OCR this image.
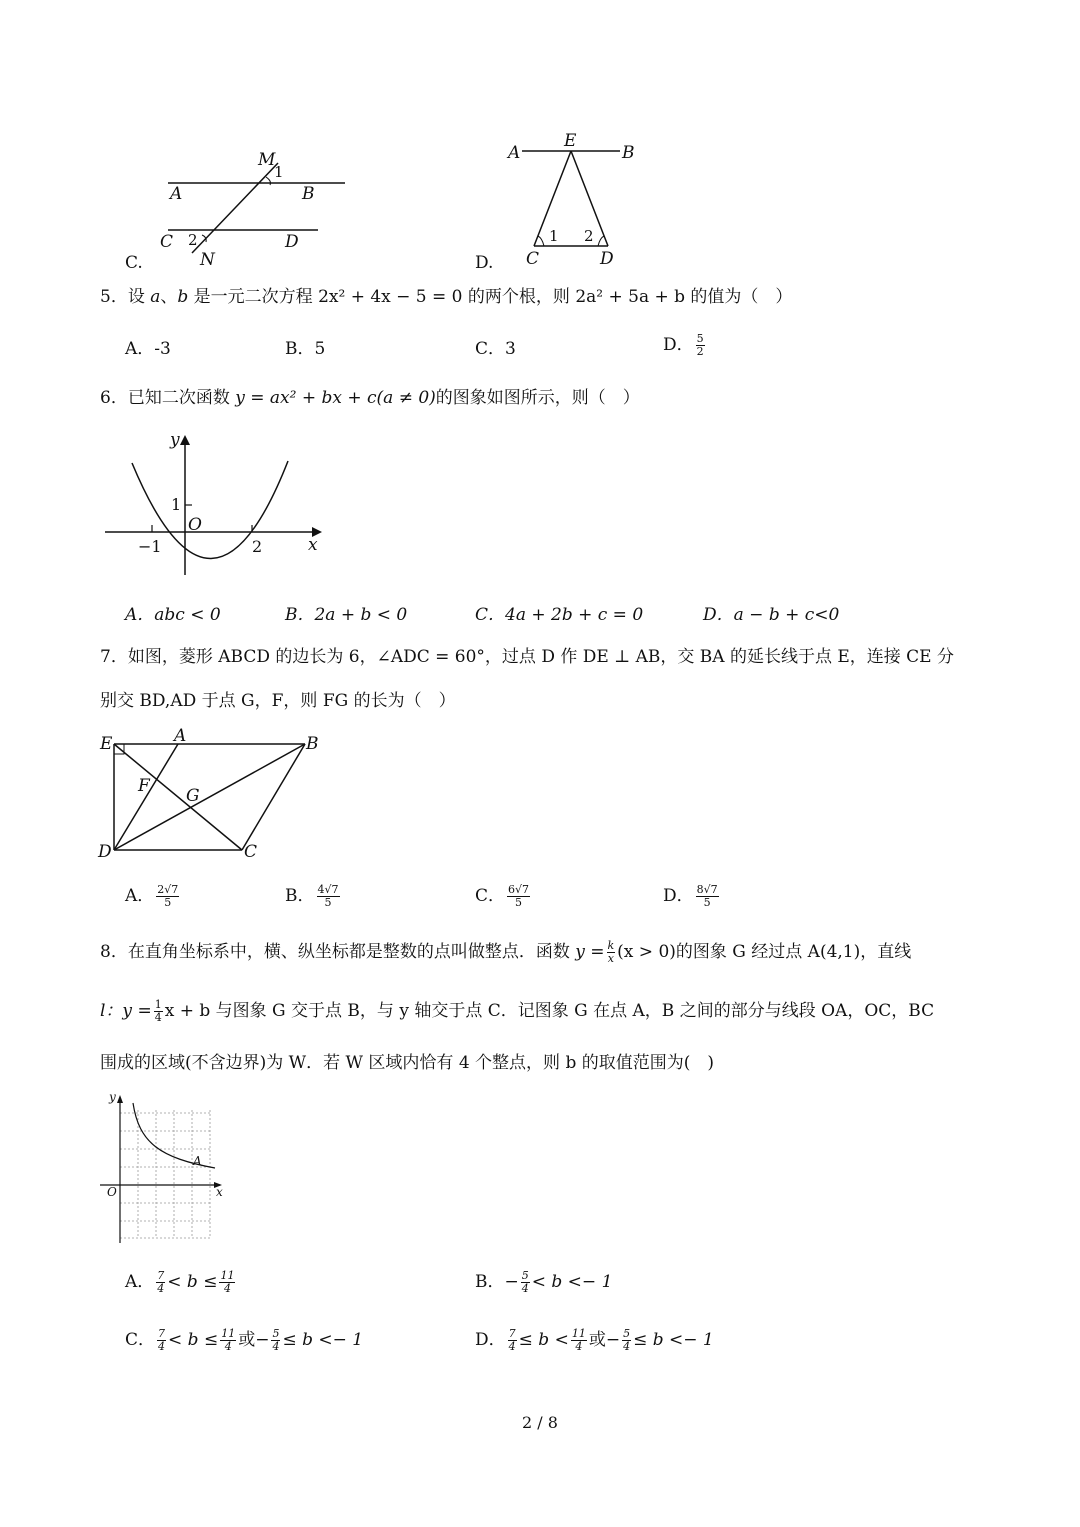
M
1
A	B
C 2	D
N
C.
A
E
B
1 2
C	D
D.
5．设 a、b 是一元二次方程 2x² + 4x − 5 = 0 的两个根，则 2a² + 5a + b 的值为（　）
A．-3	B．5	C．3	D． $\frac{5}{2}$
6．已知二次函数 y = ax² + bx + c(a ≠ 0)的图象如图所示，则（　）
y
x
O
1
−1	2
A．abc < 0	B．2a + b < 0	C．4a + 2b + c = 0	D．a − b + c<0
7．如图，菱形 ABCD 的边长为 6，∠ADC = 60°，过点 D 作 DE ⊥ AB，交 BA 的延长线于点 E，连接 CE 分
别交 BD,AD 于点 G，F，则 FG 的长为（　）
E	A	B
F G
D	C
A． $\frac{2√7}{5}$	B． $\frac{4√7}{5}$	C． $\frac{6√7}{5}$	D． $\frac{8√7}{5}$
8．在直角坐标系中，横、纵坐标都是整数的点叫做整点．函数 $y = \frac{k}{x} (x > 0)$的图象 G 经过点 A(4,1)，直线
l：$y = \frac{1}{4}$ x + b 与图象 G 交于点 B，与 y 轴交于点 C．记图象 G 在点 A，B 之间的部分与线段 OA，OC，BC
围成的区域(不含边界)为 W．若 W 区域内恰有 4 个整点，则 b 的取值范围为(　)
y
x
O
A
A． $\frac{7}{4} < b \le \frac{11}{4}$	B．− $\frac{5}{4} < b <- 1$
C． $\frac{7}{4} < b \le \frac{11}{4}$ 或− $\frac{5}{4} \le b <- 1$	D． $\frac{7}{4} \le b < \frac{11}{4}$ 或− $\frac{5}{4} \le b <- 1$
2 / 8
